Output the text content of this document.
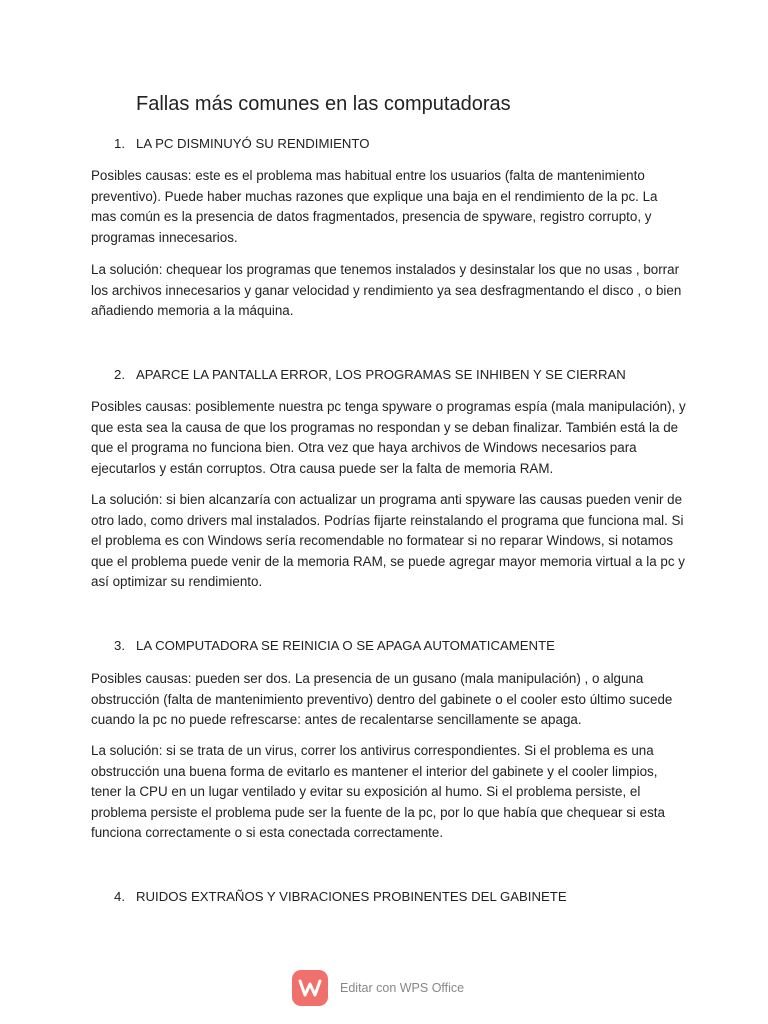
Fallas más comunes en las computadoras
1. LA PC DISMINUYÓ SU RENDIMIENTO

Posibles causas: este es el problema mas habitual entre los usuarios (falta de mantenimiento preventivo). Puede haber muchas razones que explique una baja en el rendimiento de la pc. La mas común es la presencia de datos fragmentados, presencia de spyware, registro corrupto, y programas innecesarios.

La solución: chequear los programas que tenemos instalados y desinstalar los que no usas , borrar los archivos innecesarios y ganar velocidad y rendimiento ya sea desfragmentando el disco , o bien añadiendo memoria a la máquina.

2. APARCE LA PANTALLA ERROR, LOS PROGRAMAS SE INHIBEN Y SE CIERRAN

Posibles causas: posiblemente nuestra pc tenga spyware o programas espía (mala manipulación), y que esta sea la causa de que los programas no respondan y se deban finalizar. También está la de que el programa no funciona bien. Otra vez que haya archivos de Windows necesarios para ejecutarlos y están corruptos. Otra causa puede ser la falta de memoria RAM.

La solución: si bien alcanzaría con actualizar un programa anti spyware las causas pueden venir de otro lado, como drivers mal instalados. Podrías fijarte reinstalando el programa que funciona mal. Si el problema es con Windows sería recomendable no formatear si no reparar Windows, si notamos que el problema puede venir de la memoria RAM, se puede agregar mayor memoria virtual a la pc y así optimizar su rendimiento.

3. LA COMPUTADORA SE REINICIA O SE APAGA AUTOMATICAMENTE

Posibles causas: pueden ser dos. La presencia de un gusano (mala manipulación) , o alguna obstrucción (falta de mantenimiento preventivo) dentro del gabinete o el cooler esto último sucede cuando la pc no puede refrescarse: antes de recalentarse sencillamente se apaga.

La solución: si se trata de un virus, correr los antivirus correspondientes. Si el problema es una obstrucción una buena forma de evitarlo es mantener el interior del gabinete y el cooler limpios, tener la CPU en un lugar ventilado y evitar su exposición al humo. Si el problema persiste, el problema persiste el problema pude ser la fuente de la pc, por lo que había que chequear si esta funciona correctamente o si esta conectada correctamente.

4. RUIDOS EXTRAÑOS Y VIBRACIONES PROBINENTES DEL GABINETE
Editar con WPS Office
